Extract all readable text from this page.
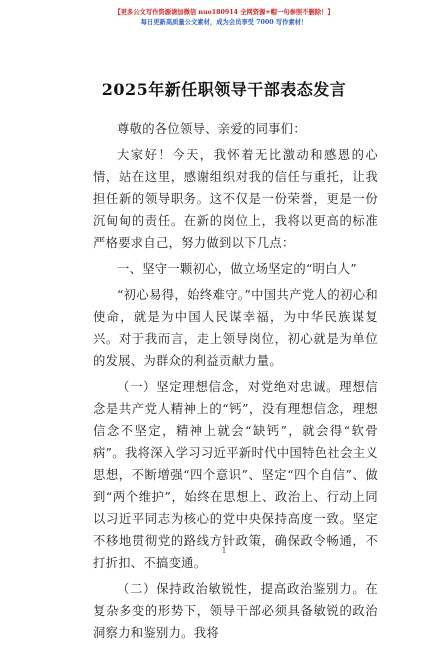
【更多公文写作资源请加微信 nuo180914 全网资源+帽一句参照不删除！】
每日更新高质量公文素材，成为会员享受 7000 写作素材！
2025年新任职领导干部表态发言

尊敬的各位领导、亲爱的同事们：

大家好！今天，我怀着无比激动和感恩的心情，站在这里，感谢组织对我的信任与重托，让我担任新的领导职务。这不仅是一份荣誉，更是一份沉甸甸的责任。在新的岗位上，我将以更高的标准严格要求自己，努力做到以下几点：

一、坚守一颗初心，做立场坚定的“明白人”

“初心易得，始终难守。”中国共产党人的初心和使命，就是为中国人民谋幸福，为中华民族谋复兴。对于我而言，走上领导岗位，初心就是为单位的发展、为群众的利益贡献力量。

（一）坚定理想信念，对党绝对忠诚。理想信念是共产党人精神上的“钙”，没有理想信念，理想信念不坚定，精神上就会“缺钙”，就会得“软骨病”。我将深入学习习近平新时代中国特色社会主义思想，不断增强“四个意识”、坚定“四个自信”、做到“两个维护”，始终在思想上、政治上、行动上同以习近平同志为核心的党中央保持高度一致。坚定不移地贯彻党的路线方针政策，确保政令畅通，不打折扣、不搞变通。

（二）保持政治敏锐性，提高政治鉴别力。在复杂多变的形势下，领导干部必须具备敏锐的政治洞察力和鉴别力。我将

1
